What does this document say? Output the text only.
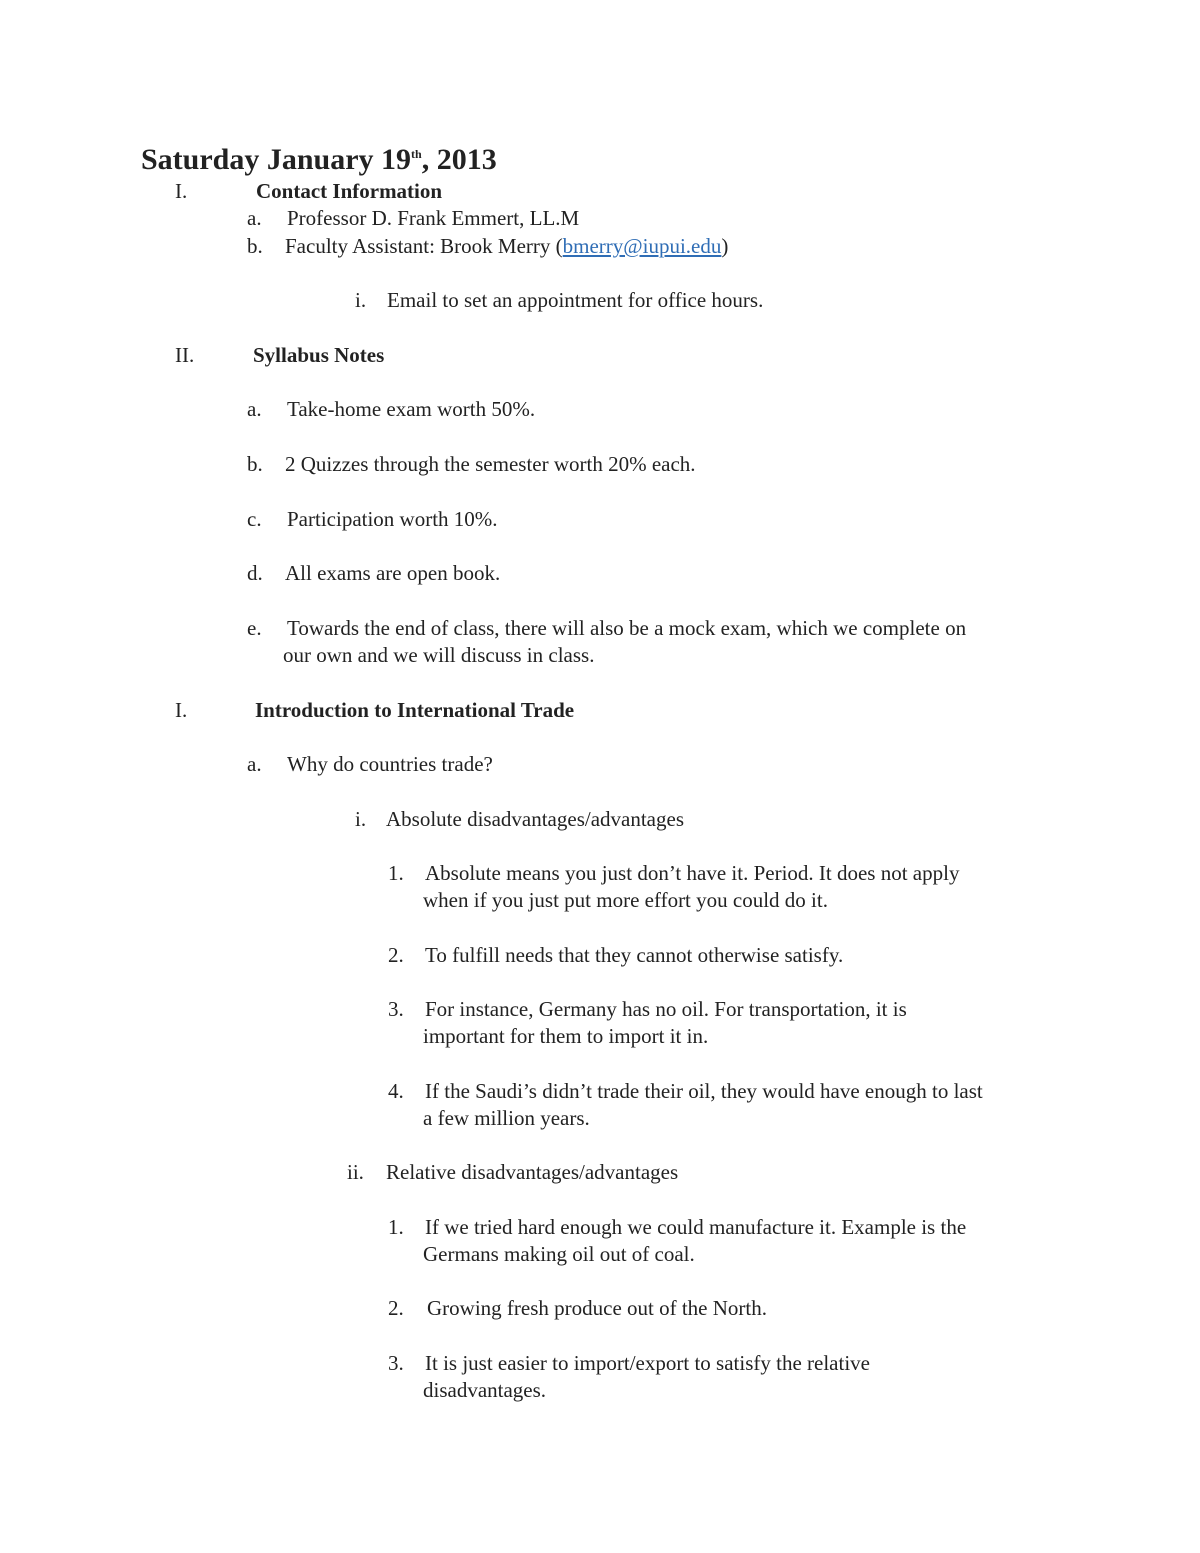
Saturday January 19th, 2013
I.	Contact Information
a. Professor D. Frank Emmert, LL.M
b. Faculty Assistant: Brook Merry (bmerry@iupui.edu)
i. Email to set an appointment for office hours.
II.	Syllabus Notes
a. Take-home exam worth 50%.
b. 2 Quizzes through the semester worth 20% each.
c. Participation worth 10%.
d. All exams are open book.
e. Towards the end of class, there will also be a mock exam, which we complete on
our own and we will discuss in class.
I.	Introduction to International Trade
a. Why do countries trade?
i. Absolute disadvantages/advantages
1. Absolute means you just don’t have it. Period. It does not apply
when if you just put more effort you could do it.
2. To fulfill needs that they cannot otherwise satisfy.
3. For instance, Germany has no oil. For transportation, it is
important for them to import it in.
4. If the Saudi’s didn’t trade their oil, they would have enough to last
a few million years.
ii. Relative disadvantages/advantages
1. If we tried hard enough we could manufacture it. Example is the
Germans making oil out of coal.
2. Growing fresh produce out of the North.
3. It is just easier to import/export to satisfy the relative
disadvantages.
